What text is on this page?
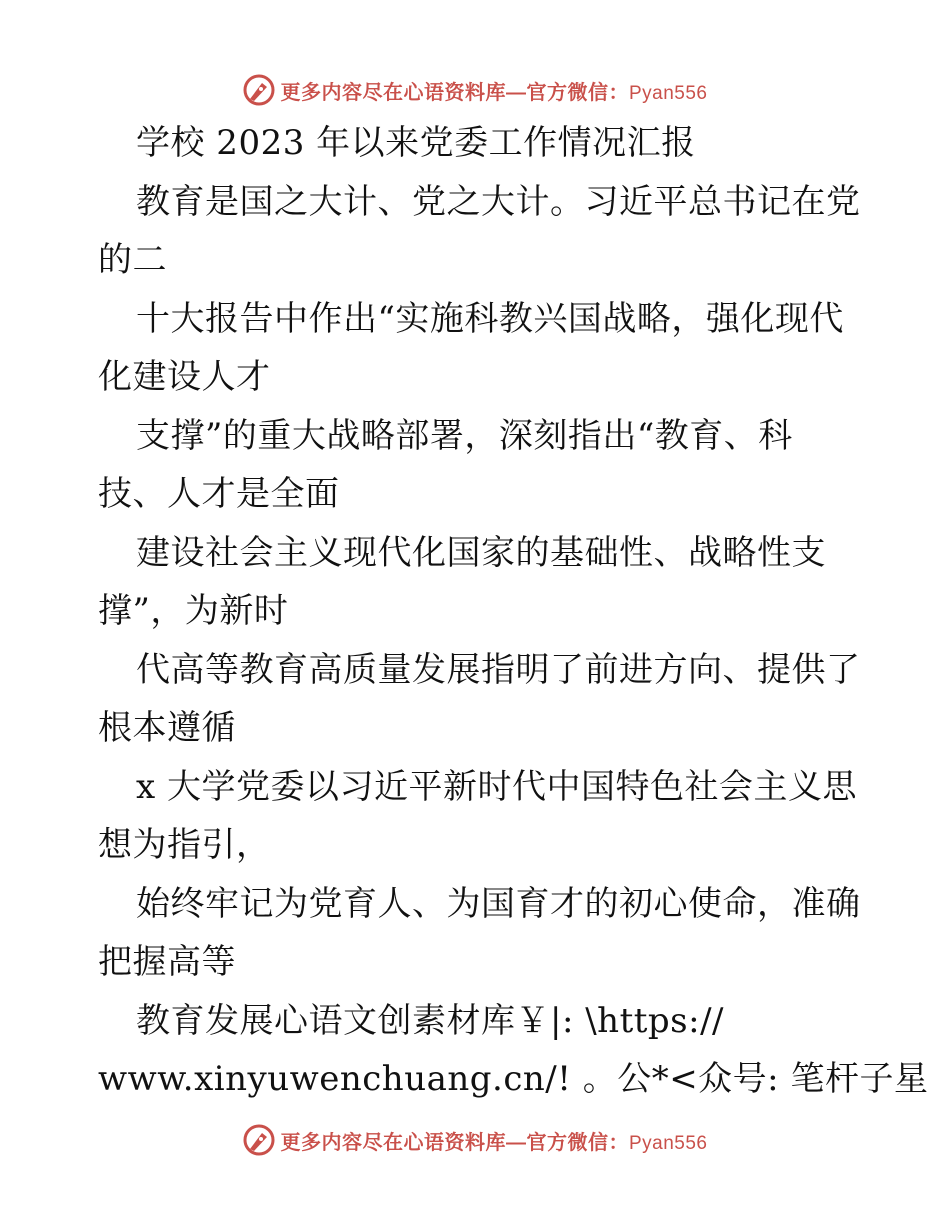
更多内容尽在心语资料库—官方微信：Pyan556
学校 2023 年以来党委工作情况汇报
教育是国之大计、党之大计。习近平总书记在党
的二
十大报告中作出“实施科教兴国战略，强化现代
化建设人才
支撑”的重大战略部署，深刻指出“教育、科
技、人才是全面
建设社会主义现代化国家的基础性、战略性支
撑”，为新时
代高等教育高质量发展指明了前进方向、提供了
根本遵循
x 大学党委以习近平新时代中国特色社会主义思
想为指引，
始终牢记为党育人、为国育才的初心使命，准确
把握高等
教育发展心语文创素材库￥|: \https://
www.xinyuwenchuang.cn/! 。公*<众号: 笔杆子星
更多内容尽在心语资料库—官方微信：Pyan556
